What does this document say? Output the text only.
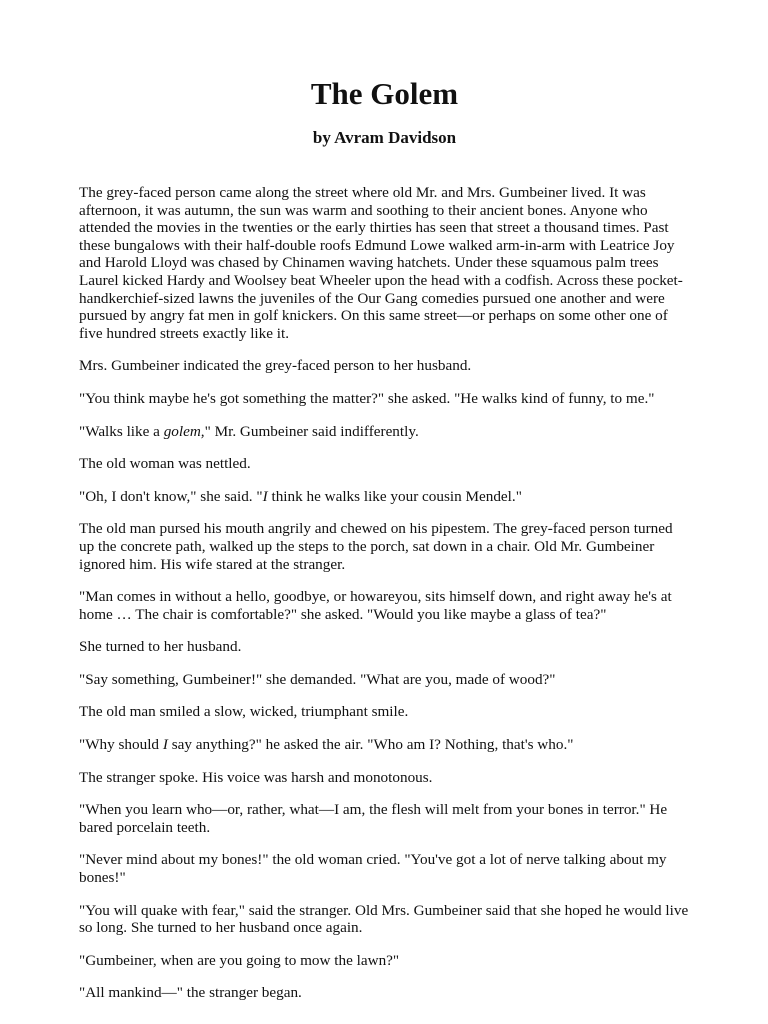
The Golem
by Avram Davidson

The grey-faced person came along the street where old Mr. and Mrs. Gumbeiner lived. It was afternoon, it was autumn, the sun was warm and soothing to their ancient bones. Anyone who attended the movies in the twenties or the early thirties has seen that street a thousand times. Past these bungalows with their half-double roofs Edmund Lowe walked arm-in-arm with Leatrice Joy and Harold Lloyd was chased by Chinamen waving hatchets. Under these squamous palm trees Laurel kicked Hardy and Woolsey beat Wheeler upon the head with a codfish. Across these pocket-handkerchief-sized lawns the juveniles of the Our Gang comedies pursued one another and were pursued by angry fat men in golf knickers. On this same street—or perhaps on some other one of five hundred streets exactly like it.

Mrs. Gumbeiner indicated the grey-faced person to her husband.

"You think maybe he's got something the matter?" she asked. "He walks kind of funny, to me."

"Walks like a golem," Mr. Gumbeiner said indifferently.

The old woman was nettled.

"Oh, I don't know," she said. "I think he walks like your cousin Mendel."

The old man pursed his mouth angrily and chewed on his pipestem. The grey-faced person turned up the concrete path, walked up the steps to the porch, sat down in a chair. Old Mr. Gumbeiner ignored him. His wife stared at the stranger.

"Man comes in without a hello, goodbye, or howareyou, sits himself down, and right away he's at home … The chair is comfortable?" she asked. "Would you like maybe a glass of tea?"

She turned to her husband.

"Say something, Gumbeiner!" she demanded. "What are you, made of wood?"

The old man smiled a slow, wicked, triumphant smile.

"Why should I say anything?" he asked the air. "Who am I? Nothing, that's who."

The stranger spoke. His voice was harsh and monotonous.

"When you learn who—or, rather, what—I am, the flesh will melt from your bones in terror." He bared porcelain teeth.

"Never mind about my bones!" the old woman cried. "You've got a lot of nerve talking about my bones!"

"You will quake with fear," said the stranger. Old Mrs. Gumbeiner said that she hoped he would live so long. She turned to her husband once again.

"Gumbeiner, when are you going to mow the lawn?"

"All mankind—" the stranger began.
